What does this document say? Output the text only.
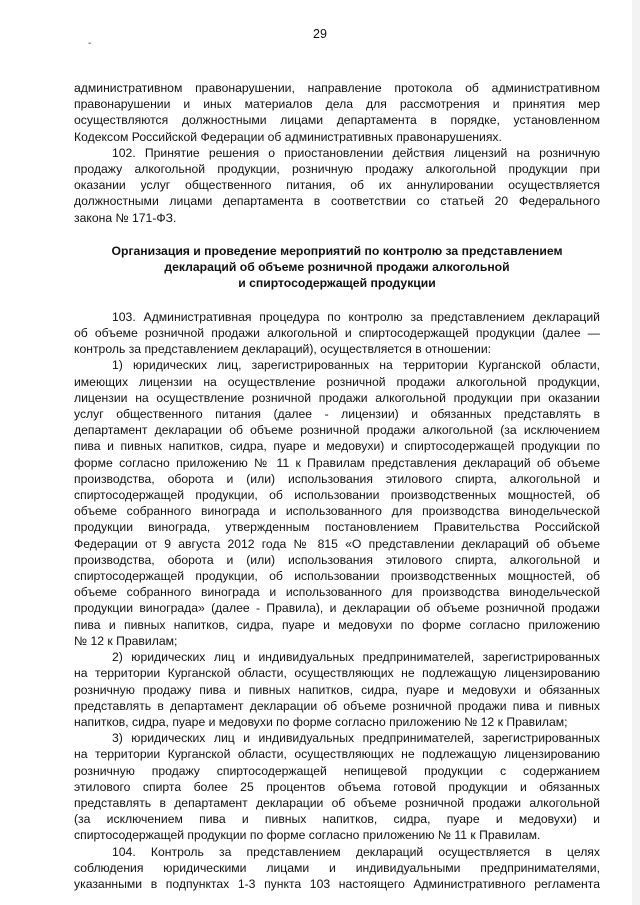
-
29
административном правонарушении, направление протокола об административном
правонарушении и иных материалов дела для рассмотрения и принятия мер
осуществляются должностными лицами департамента в порядке, установленном
Кодексом Российской Федерации об административных правонарушениях.
102. Принятие решения о приостановлении действия лицензий на розничную
продажу алкогольной продукции, розничную продажу алкогольной продукции при
оказании услуг общественного питания, об их аннулировании осуществляется
должностными лицами департамента в соответствии со статьей 20 Федерального
закона № 171-ФЗ.
Организация и проведение мероприятий по контролю за представлением
деклараций об объеме розничной продажи алкогольной
и спиртосодержащей продукции
103. Административная процедура по контролю за представлением деклараций
об объеме розничной продажи алкогольной и спиртосодержащей продукции (далее —
контроль за представлением деклараций), осуществляется в отношении:
1) юридических лиц, зарегистрированных на территории Курганской области,
имеющих лицензии на осуществление розничной продажи алкогольной продукции,
лицензии на осуществление розничной продажи алкогольной продукции при оказании
услуг общественного питания (далее - лицензии) и обязанных представлять в
департамент декларации об объеме розничной продажи алкогольной (за исключением
пива и пивных напитков, сидра, пуаре и медовухи) и спиртосодержащей продукции по
форме согласно приложению № 11 к Правилам представления деклараций об объеме
производства, оборота и (или) использования этилового спирта, алкогольной и
спиртосодержащей продукции, об использовании производственных мощностей, об
объеме собранного винограда и использованного для производства винодельческой
продукции винограда, утвержденным постановлением Правительства Российской
Федерации от 9 августа 2012 года № 815 «О представлении деклараций об объеме
производства, оборота и (или) использования этилового спирта, алкогольной и
спиртосодержащей продукции, об использовании производственных мощностей, об
объеме собранного винограда и использованного для производства винодельческой
продукции винограда» (далее - Правила), и декларации об объеме розничной продажи
пива и пивных напитков, сидра, пуаре и медовухи по форме согласно приложению
№ 12 к Правилам;
2) юридических лиц и индивидуальных предпринимателей, зарегистрированных
на территории Курганской области, осуществляющих не подлежащую лицензированию
розничную продажу пива и пивных напитков, сидра, пуаре и медовухи и обязанных
представлять в департамент декларации об объеме розничной продажи пива и пивных
напитков, сидра, пуаре и медовухи по форме согласно приложению № 12 к Правилам;
3) юридических лиц и индивидуальных предпринимателей, зарегистрированных
на территории Курганской области, осуществляющих не подлежащую лицензированию
розничную продажу спиртосодержащей непищевой продукции с содержанием
этилового спирта более 25 процентов объема готовой продукции и обязанных
представлять в департамент декларации об объеме розничной продажи алкогольной
(за исключением пива и пивных напитков, сидра, пуаре и медовухи) и
спиртосодержащей продукции по форме согласно приложению № 11 к Правилам.
104. Контроль за представлением деклараций осуществляется в целях
соблюдения юридическими лицами и индивидуальными предпринимателями,
указанными в подпунктах 1-3 пункта 103 настоящего Административного регламента
